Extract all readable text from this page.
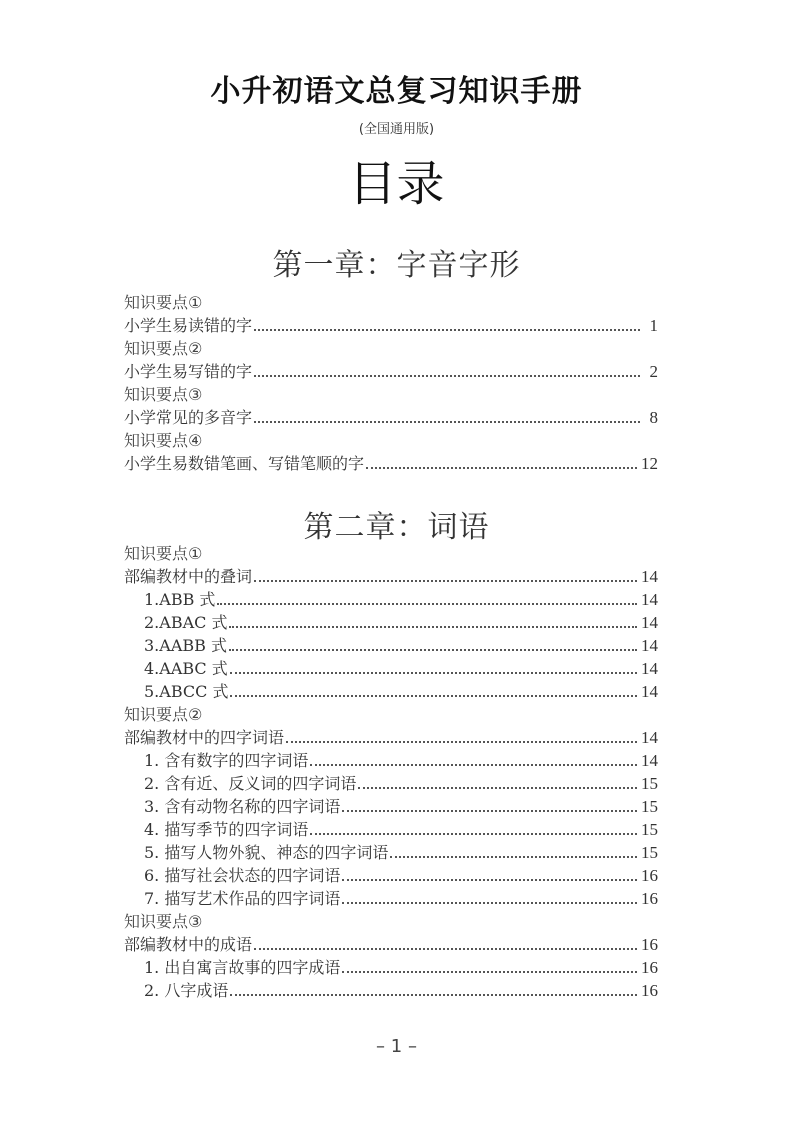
小升初语文总复习知识手册
(全国通用版)
目录
第一章：字音字形
知识要点①
小学生易读错的字	1
知识要点②
小学生易写错的字	2
知识要点③
小学常见的多音字	8
知识要点④
小学生易数错笔画、写错笔顺的字	12
第二章：词语
知识要点①
部编教材中的叠词	14
1.ABB 式	14
2.ABAC 式	14
3.AABB 式	14
4.AABC 式	14
5.ABCC 式	14
知识要点②
部编教材中的四字词语	14
1. 含有数字的四字词语	14
2. 含有近、反义词的四字词语	15
3. 含有动物名称的四字词语	15
4. 描写季节的四字词语	15
5. 描写人物外貌、神态的四字词语	15
6. 描写社会状态的四字词语	16
7. 描写艺术作品的四字词语	16
知识要点③
部编教材中的成语	16
1. 出自寓言故事的四字成语	16
2. 八字成语	16
– 1 –
